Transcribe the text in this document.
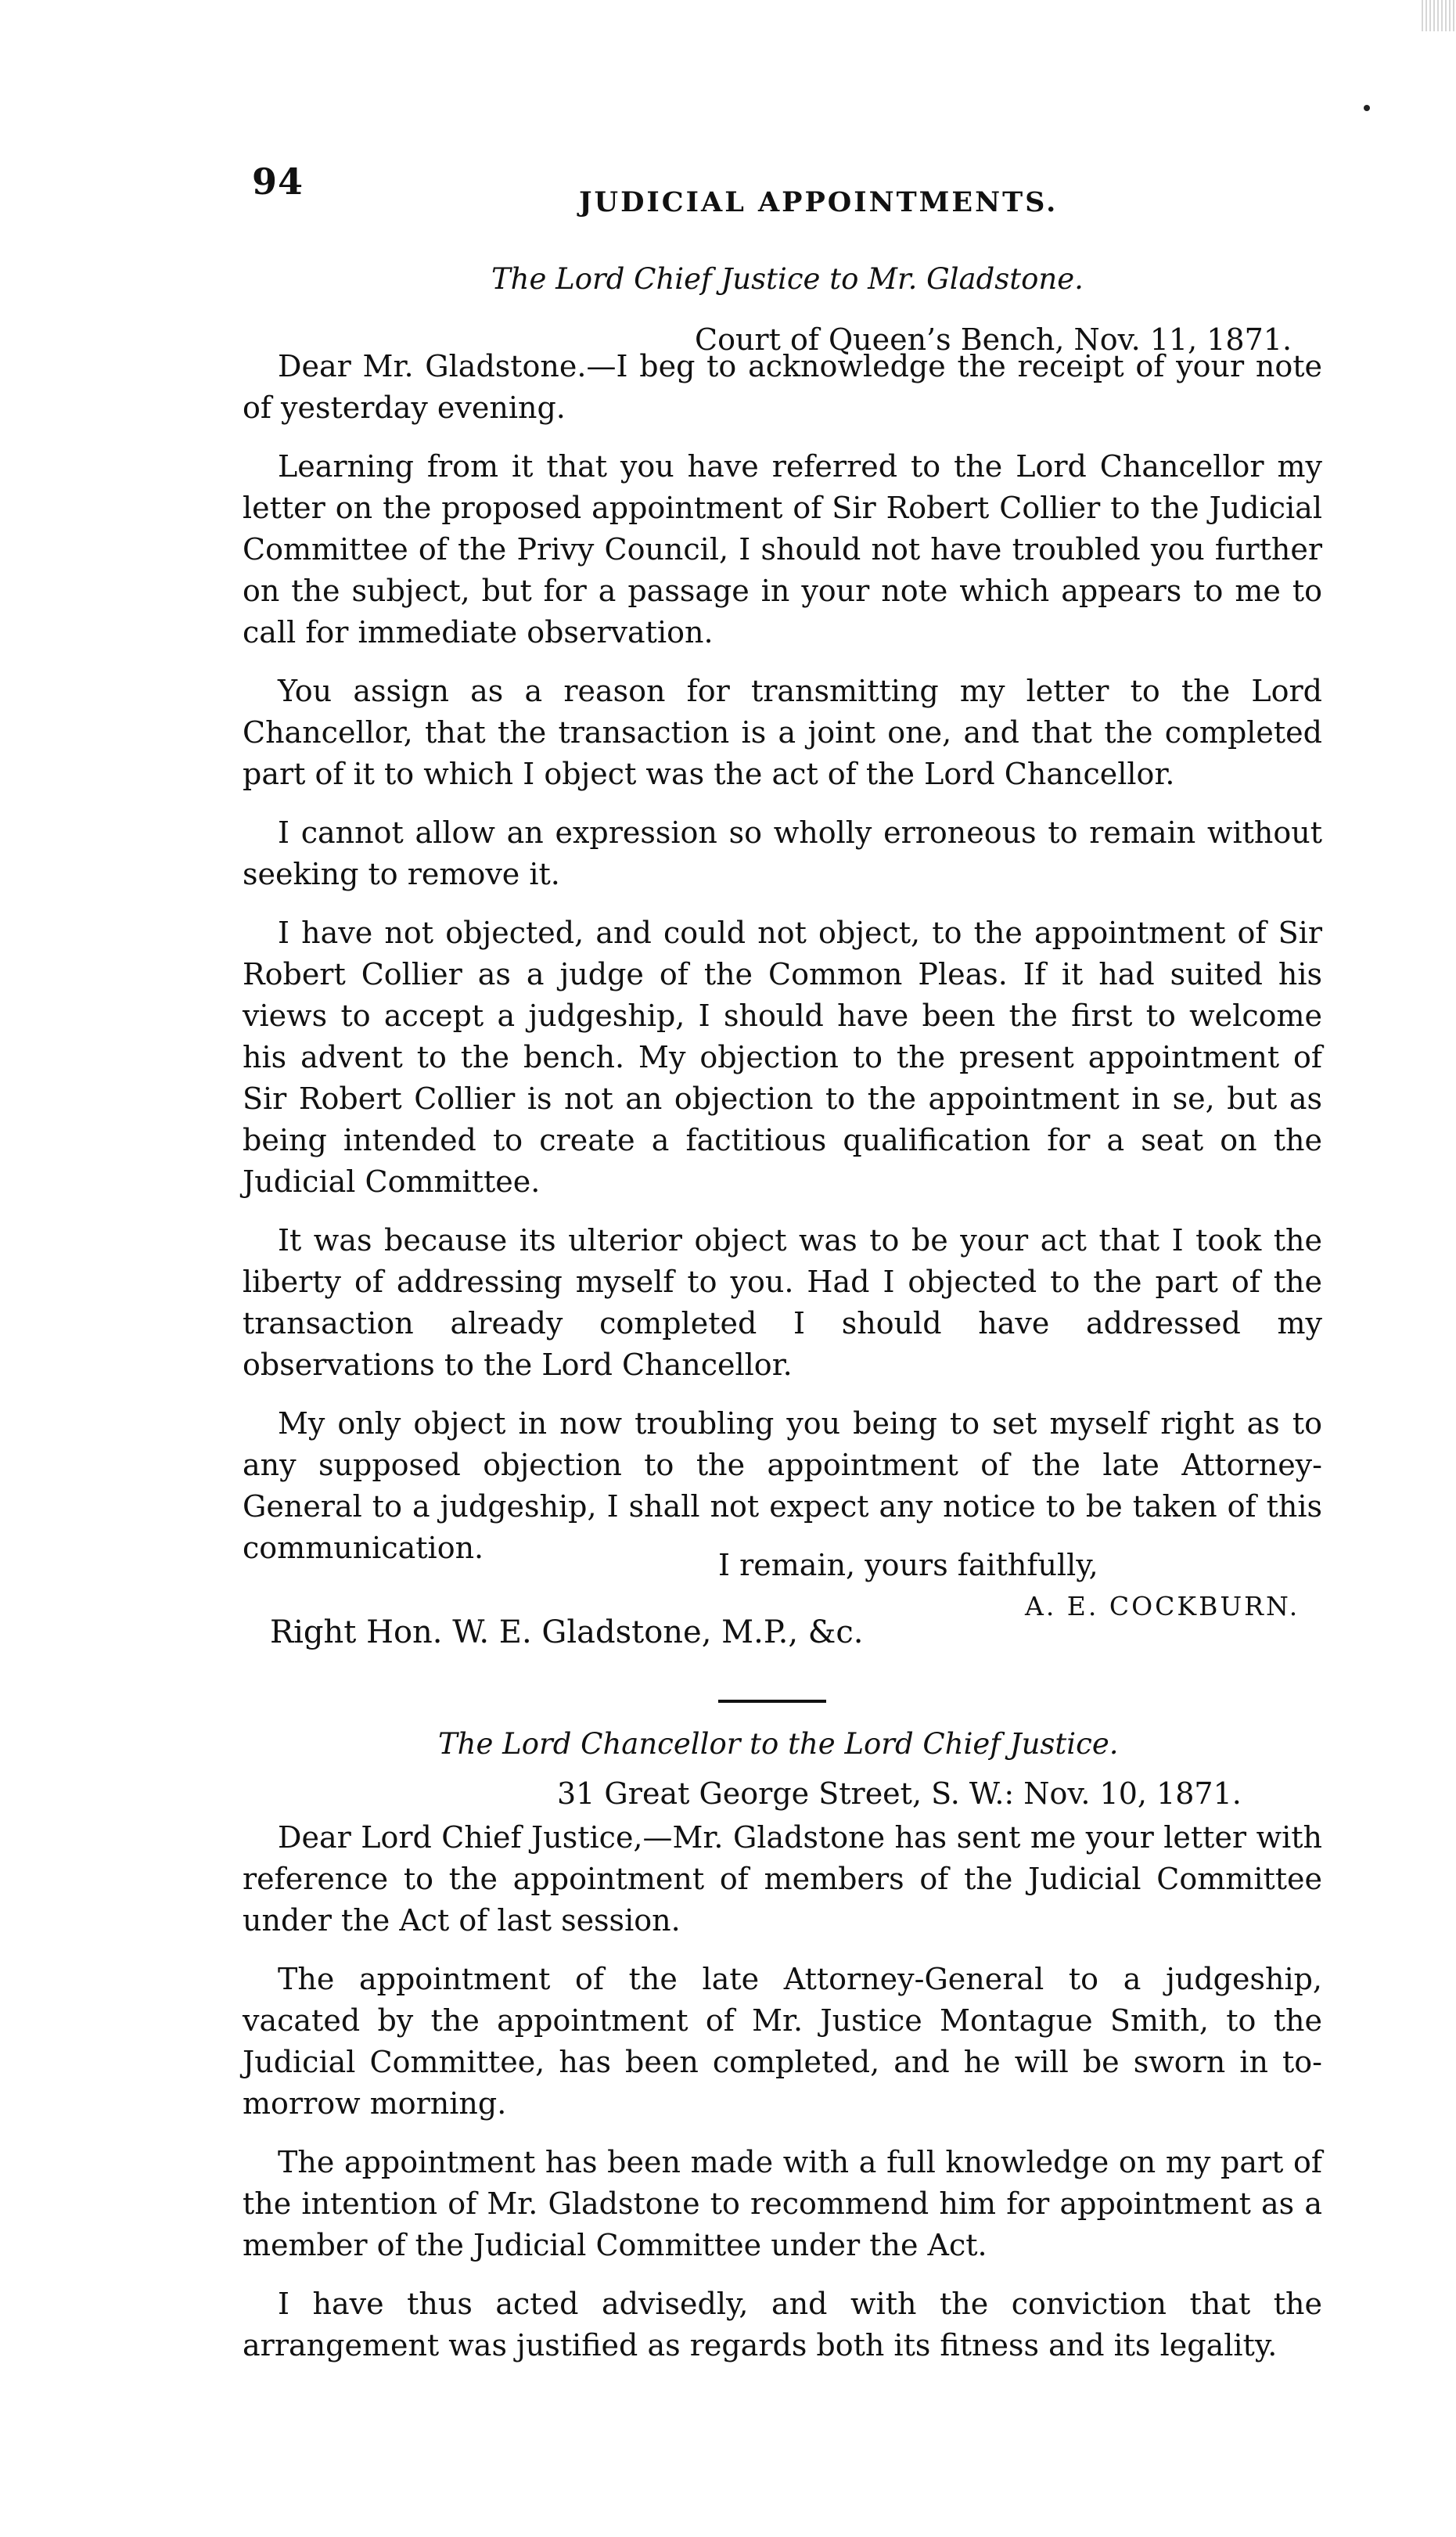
94	JUDICIAL APPOINTMENTS.
The Lord Chief Justice to Mr. Gladstone.
Court of Queen’s Bench, Nov. 11, 1871.

Dear Mr. Gladstone.—I beg to acknowledge the receipt of your note of yesterday evening.

Learning from it that you have referred to the Lord Chancellor my letter on the proposed appointment of Sir Robert Collier to the Judicial Committee of the Privy Council, I should not have troubled you further on the subject, but for a passage in your note which appears to me to call for immediate observation.

You assign as a reason for transmitting my letter to the Lord Chancellor, that the transaction is a joint one, and that the completed part of it to which I object was the act of the Lord Chancellor.

I cannot allow an expression so wholly erroneous to remain without seeking to remove it.

I have not objected, and could not object, to the appointment of Sir Robert Collier as a judge of the Common Pleas. If it had suited his views to accept a judgeship, I should have been the first to welcome his advent to the bench. My objection to the present appointment of Sir Robert Collier is not an objection to the appointment in se, but as being intended to create a factitious qualification for a seat on the Judicial Committee.

It was because its ulterior object was to be your act that I took the liberty of addressing myself to you. Had I objected to the part of the transaction already completed I should have addressed my observations to the Lord Chancellor.

My only object in now troubling you being to set myself right as to any supposed objection to the appointment of the late Attorney-General to a judgeship, I shall not expect any notice to be taken of this communication.	I remain, yours faithfully,
A. E. COCKBURN.
Right Hon. W. E. Gladstone, M.P., &c.
The Lord Chancellor to the Lord Chief Justice.
31 Great George Street, S. W.: Nov. 10, 1871.

Dear Lord Chief Justice,—Mr. Gladstone has sent me your letter with reference to the appointment of members of the Judicial Committee under the Act of last session.

The appointment of the late Attorney-General to a judgeship, vacated by the appointment of Mr. Justice Montague Smith, to the Judicial Committee, has been completed, and he will be sworn in to-morrow morning.

The appointment has been made with a full knowledge on my part of the intention of Mr. Gladstone to recommend him for appointment as a member of the Judicial Committee under the Act.

I have thus acted advisedly, and with the conviction that the arrangement was justified as regards both its fitness and its legality.
